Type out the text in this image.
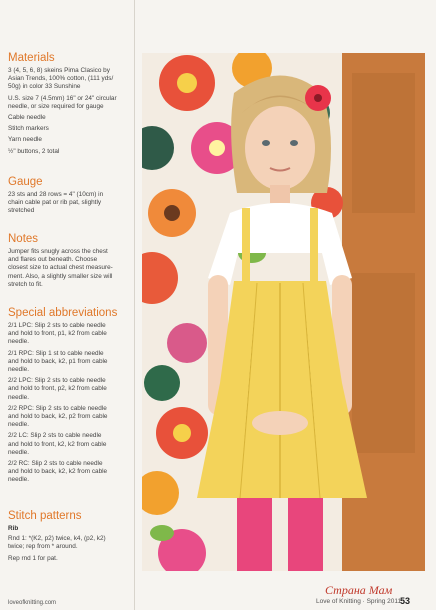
Materials
3 (4, 5, 6, 8) skeins Pima Clasico by
Asian Trends, 100% cotton, (111 yds/
50g) in color 33 Sunshine
U.S. size 7 (4.5mm) 16" or 24" circular
needle, or size required for gauge
Cable needle
Stitch markers
Yarn needle
½" buttons, 2 total
Gauge
23 sts and 28 rows = 4" (10cm) in
chain cable pat or rib pat, slightly
stretched
Notes
Jumper fits snugly across the chest
and flares out beneath. Choose
closest size to actual chest measure-
ment. Also, a slightly smaller size will
stretch to fit.
Special abbreviations
2/1 LPC: Slip 2 sts to cable needle
and hold to front, p1, k2 from cable
needle.
2/1 RPC: Slip 1 st to cable needle
and hold to back, k2, p1 from cable
needle.
2/2 LPC: Slip 2 sts to cable needle
and hold to front, p2, k2 from cable
needle.
2/2 RPC: Slip 2 sts to cable needle
and hold to back, k2, p2 from cable
needle.
2/2 LC: Slip 2 sts to cable needle
and hold to front, k2, k2 from cable
needle.
2/2 RC: Slip 2 sts to cable needle
and hold to back, k2, k2 from cable
needle.
Stitch patterns
Rib
Rnd 1: *(K2, p2) twice, k4, (p2, k2)
twice; rep from * around.
Rep rnd 1 for pat.
loveofknitting.com	Love of Knitting · Spring 2011
53
Страна Мам
